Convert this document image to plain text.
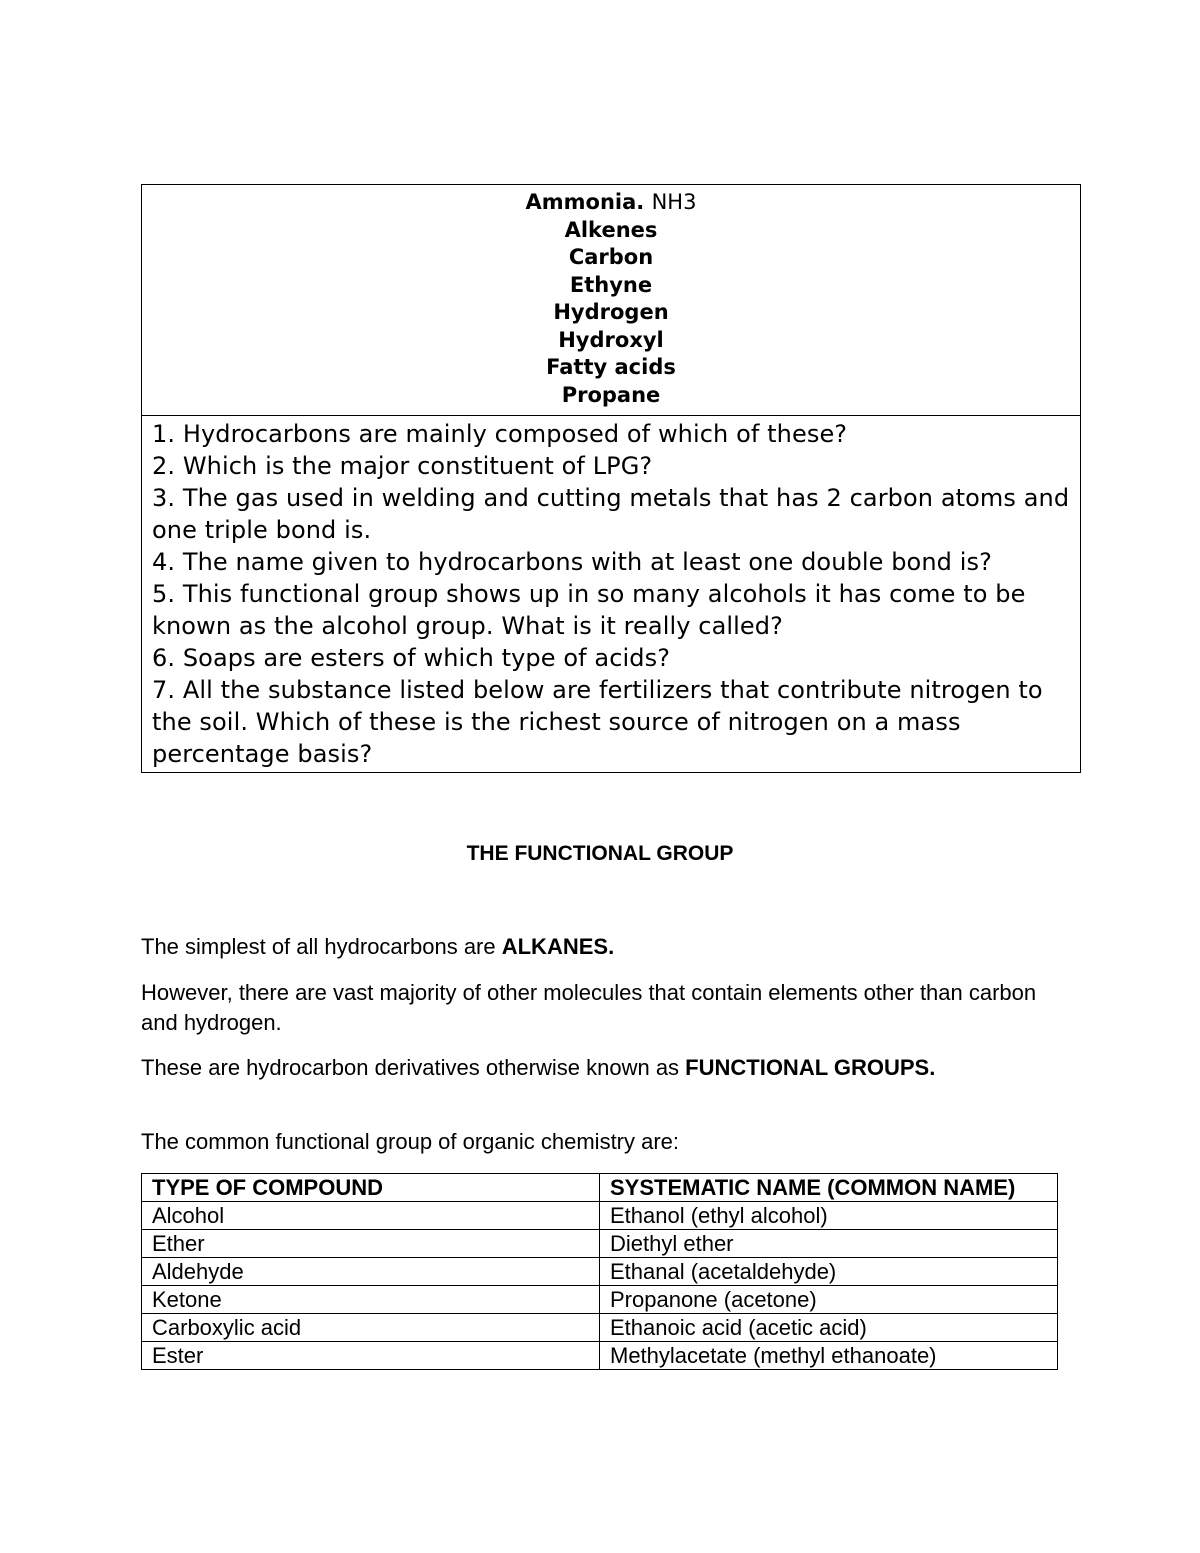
Ammonia. NH3
Alkenes
Carbon
Ethyne
Hydrogen
Hydroxyl
Fatty acids
Propane
1. Hydrocarbons are mainly composed of which of these?
2. Which is the major constituent of LPG?
3. The gas used in welding and cutting metals that has 2 carbon atoms and one triple bond is.
4. The name given to hydrocarbons with at least one double bond is?
5. This functional group shows up in so many alcohols it has come to be known as the alcohol group. What is it really called?
6. Soaps are esters of which type of acids?
7. All the substance listed below are fertilizers that contribute nitrogen to the soil. Which of these is the richest source of nitrogen on a mass percentage basis?
THE FUNCTIONAL GROUP
The simplest of all hydrocarbons are ALKANES.
However, there are vast majority of other molecules that contain elements other than carbon and hydrogen.
These are hydrocarbon derivatives otherwise known as FUNCTIONAL GROUPS.
The common functional group of organic chemistry are:
TYPE OF COMPOUND	SYSTEMATIC NAME (COMMON NAME)
Alcohol	Ethanol (ethyl alcohol)
Ether	Diethyl ether
Aldehyde	Ethanal (acetaldehyde)
Ketone	Propanone (acetone)
Carboxylic acid	Ethanoic acid (acetic acid)
Ester	Methylacetate (methyl ethanoate)
